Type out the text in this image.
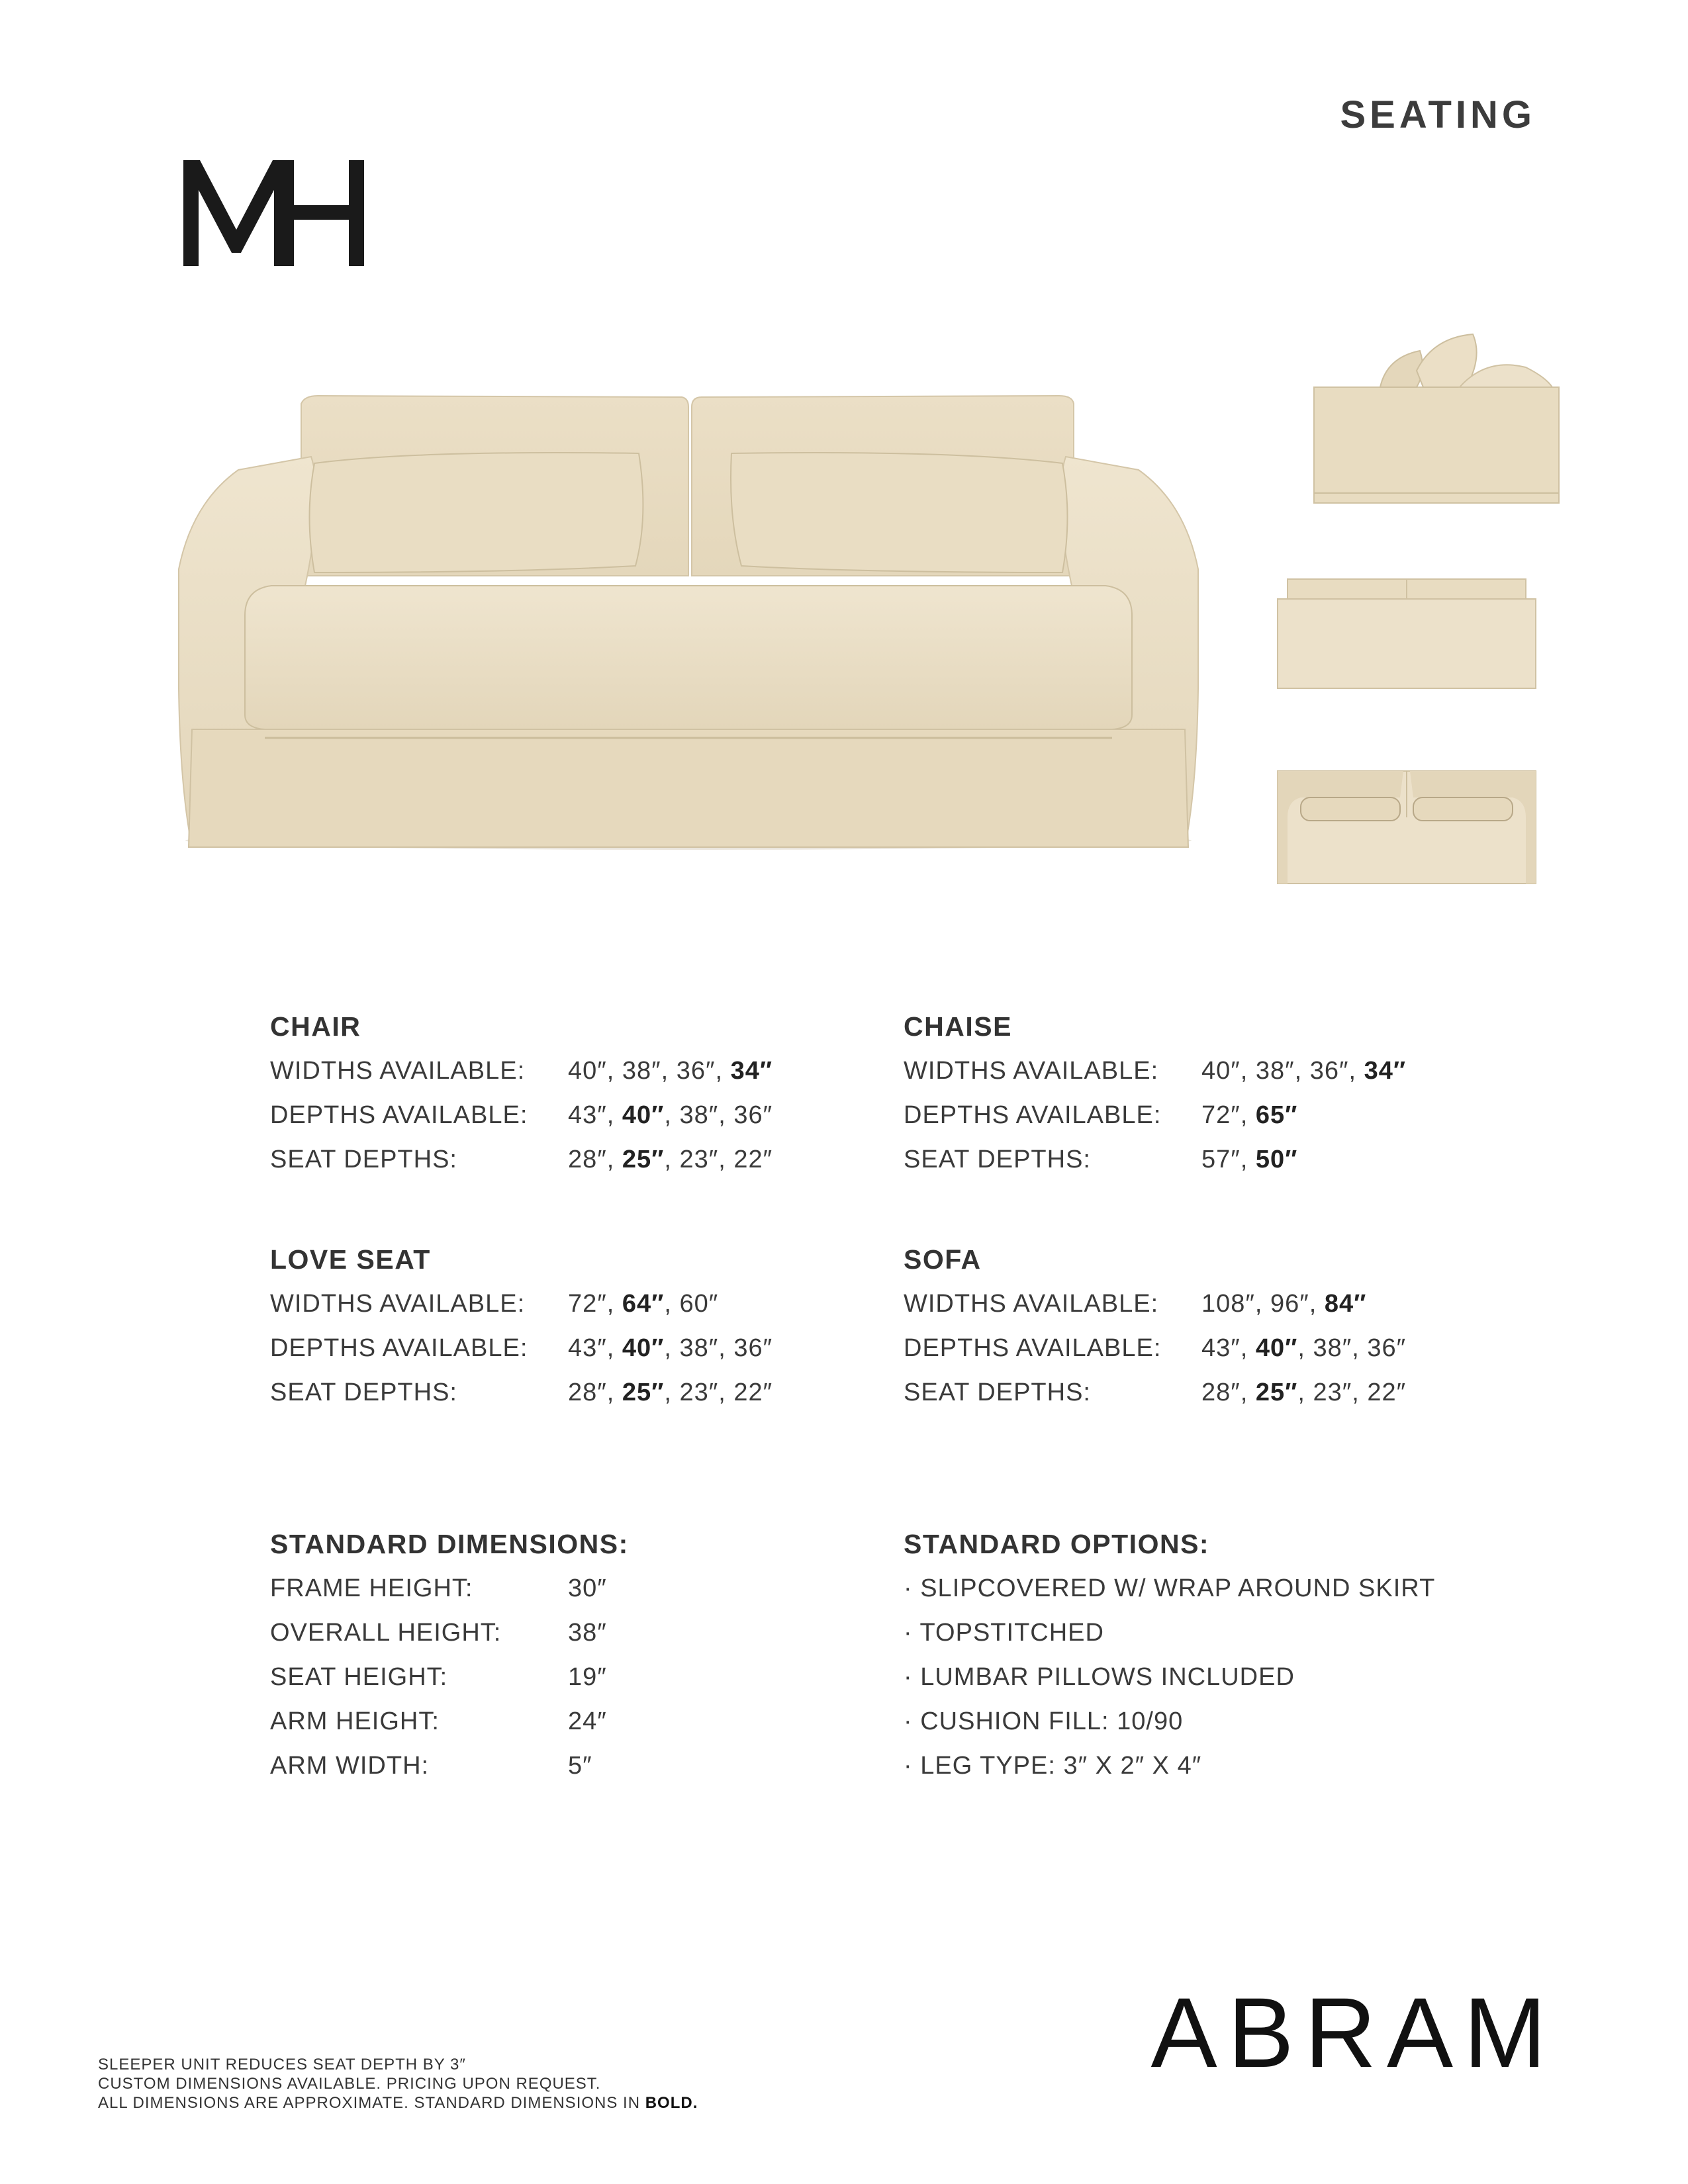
SEATING
CHAIR
WIDTHS AVAILABLE:	40″, 38″, 36″, 34″
DEPTHS AVAILABLE:	43″, 40″, 38″, 36″
SEAT DEPTHS:	28″, 25″, 23″, 22″
CHAISE
WIDTHS AVAILABLE:	40″, 38″, 36″, 34″
DEPTHS AVAILABLE:	72″, 65″
SEAT DEPTHS:	57″, 50″
LOVE SEAT
WIDTHS AVAILABLE:	72″, 64″, 60″
DEPTHS AVAILABLE:	43″, 40″, 38″, 36″
SEAT DEPTHS:	28″, 25″, 23″, 22″
SOFA
WIDTHS AVAILABLE:	108″, 96″, 84″
DEPTHS AVAILABLE:	43″, 40″, 38″, 36″
SEAT DEPTHS:	28″, 25″, 23″, 22″
STANDARD DIMENSIONS:
FRAME HEIGHT:	30″
OVERALL HEIGHT:	38″
SEAT HEIGHT:	19″
ARM HEIGHT:	24″
ARM WIDTH:	5″
STANDARD OPTIONS:
· SLIPCOVERED W/ WRAP AROUND SKIRT
· TOPSTITCHED
· LUMBAR PILLOWS INCLUDED
· CUSHION FILL: 10/90
· LEG TYPE: 3″ X 2″ X 4″
SLEEPER UNIT REDUCES SEAT DEPTH BY 3″
CUSTOM DIMENSIONS AVAILABLE. PRICING UPON REQUEST.
ALL DIMENSIONS ARE APPROXIMATE. STANDARD DIMENSIONS IN BOLD.
ABRAM
